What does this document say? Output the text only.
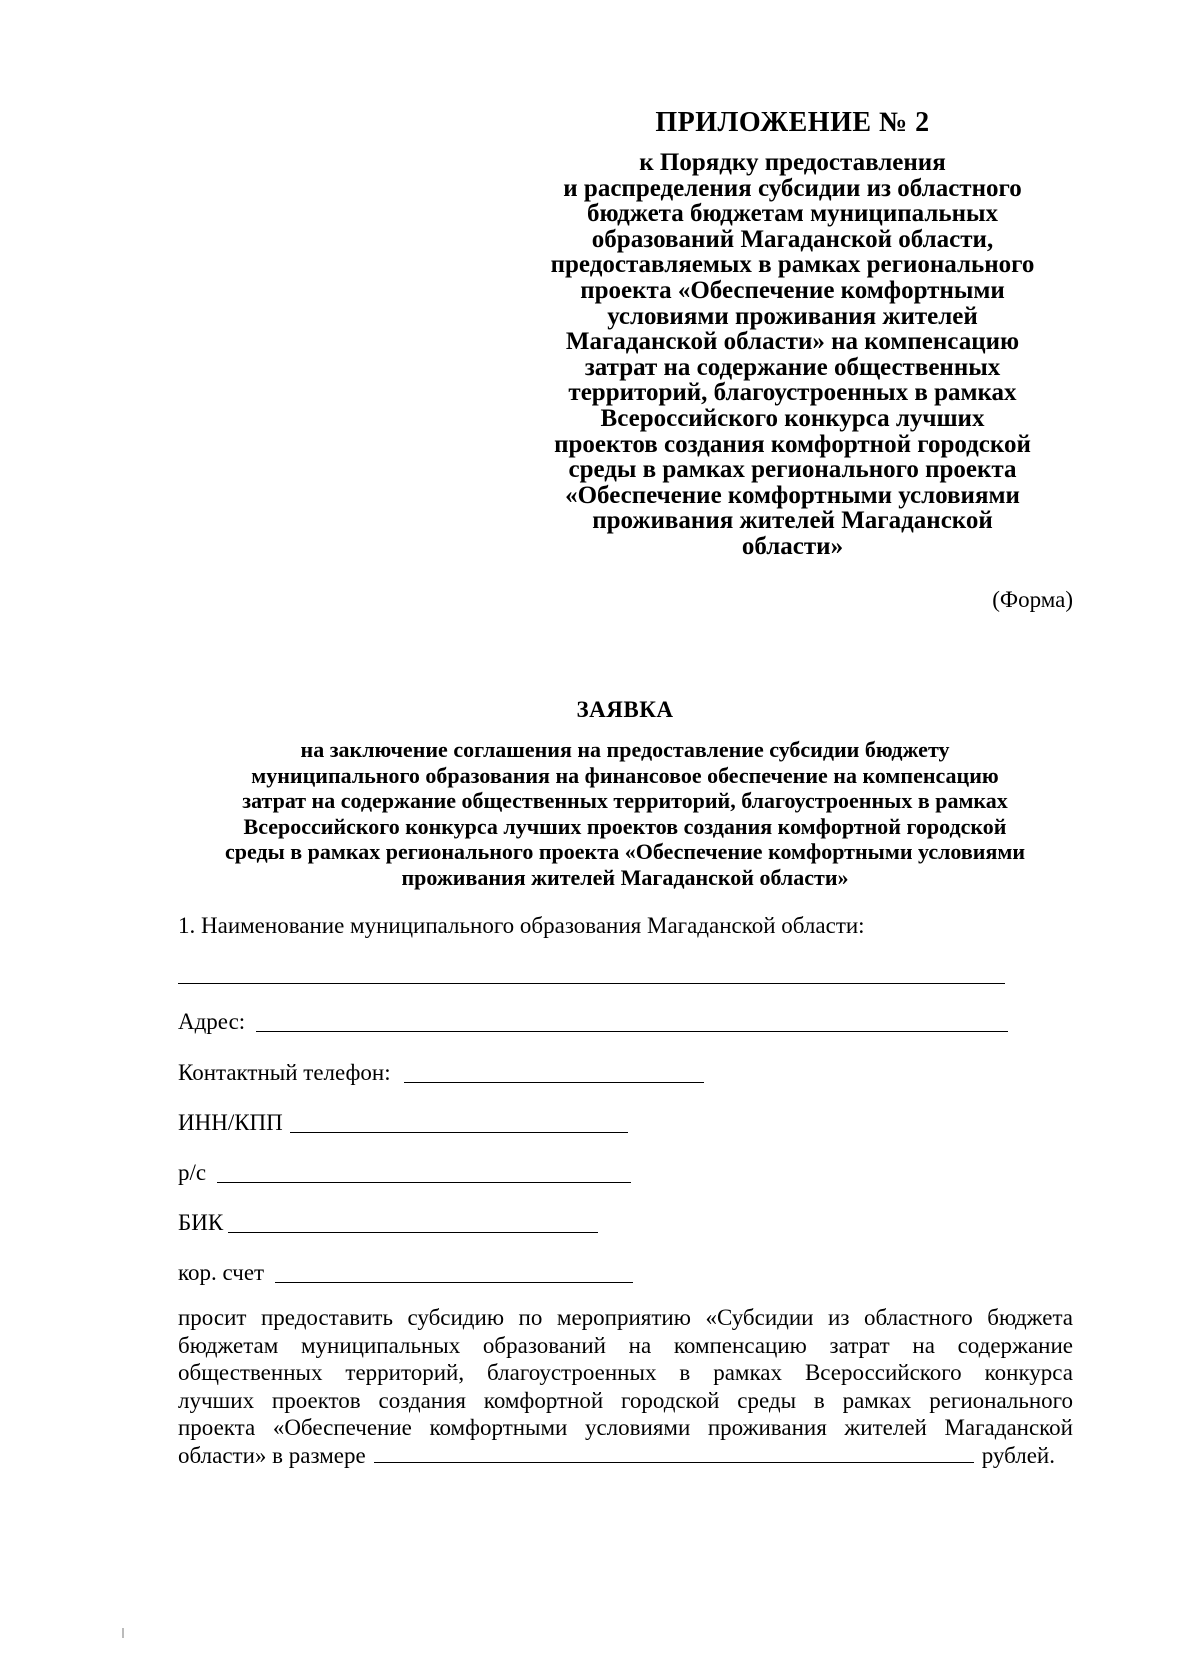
ПРИЛОЖЕНИЕ № 2
к Порядку предоставления
и распределения субсидии из областного
бюджета бюджетам муниципальных
образований Магаданской области,
предоставляемых в рамках регионального
проекта «Обеспечение комфортными
условиями проживания жителей
Магаданской области» на компенсацию
затрат на содержание общественных
территорий, благоустроенных в рамках
Всероссийского конкурса лучших
проектов создания комфортной городской
среды в рамках регионального проекта
«Обеспечение комфортными условиями
проживания жителей Магаданской
области»
(Форма)
ЗАЯВКА
на заключение соглашения на предоставление субсидии бюджету
муниципального образования на финансовое обеспечение на компенсацию
затрат на содержание общественных территорий, благоустроенных в рамках
Всероссийского конкурса лучших проектов создания комфортной городской
среды в рамках регионального проекта «Обеспечение комфортными условиями
проживания жителей Магаданской области»
1. Наименование муниципального образования Магаданской области:
Адрес:
Контактный телефон:
ИНН/КПП
р/с
БИК
кор. счет
просит предоставить субсидию по мероприятию «Субсидии из областного бюджета
бюджетам муниципальных образований на компенсацию затрат на содержание
общественных территорий, благоустроенных в рамках Всероссийского конкурса
лучших проектов создания комфортной городской среды в рамках регионального
проекта «Обеспечение комфортными условиями проживания жителей Магаданской
области» в размере	рублей.
